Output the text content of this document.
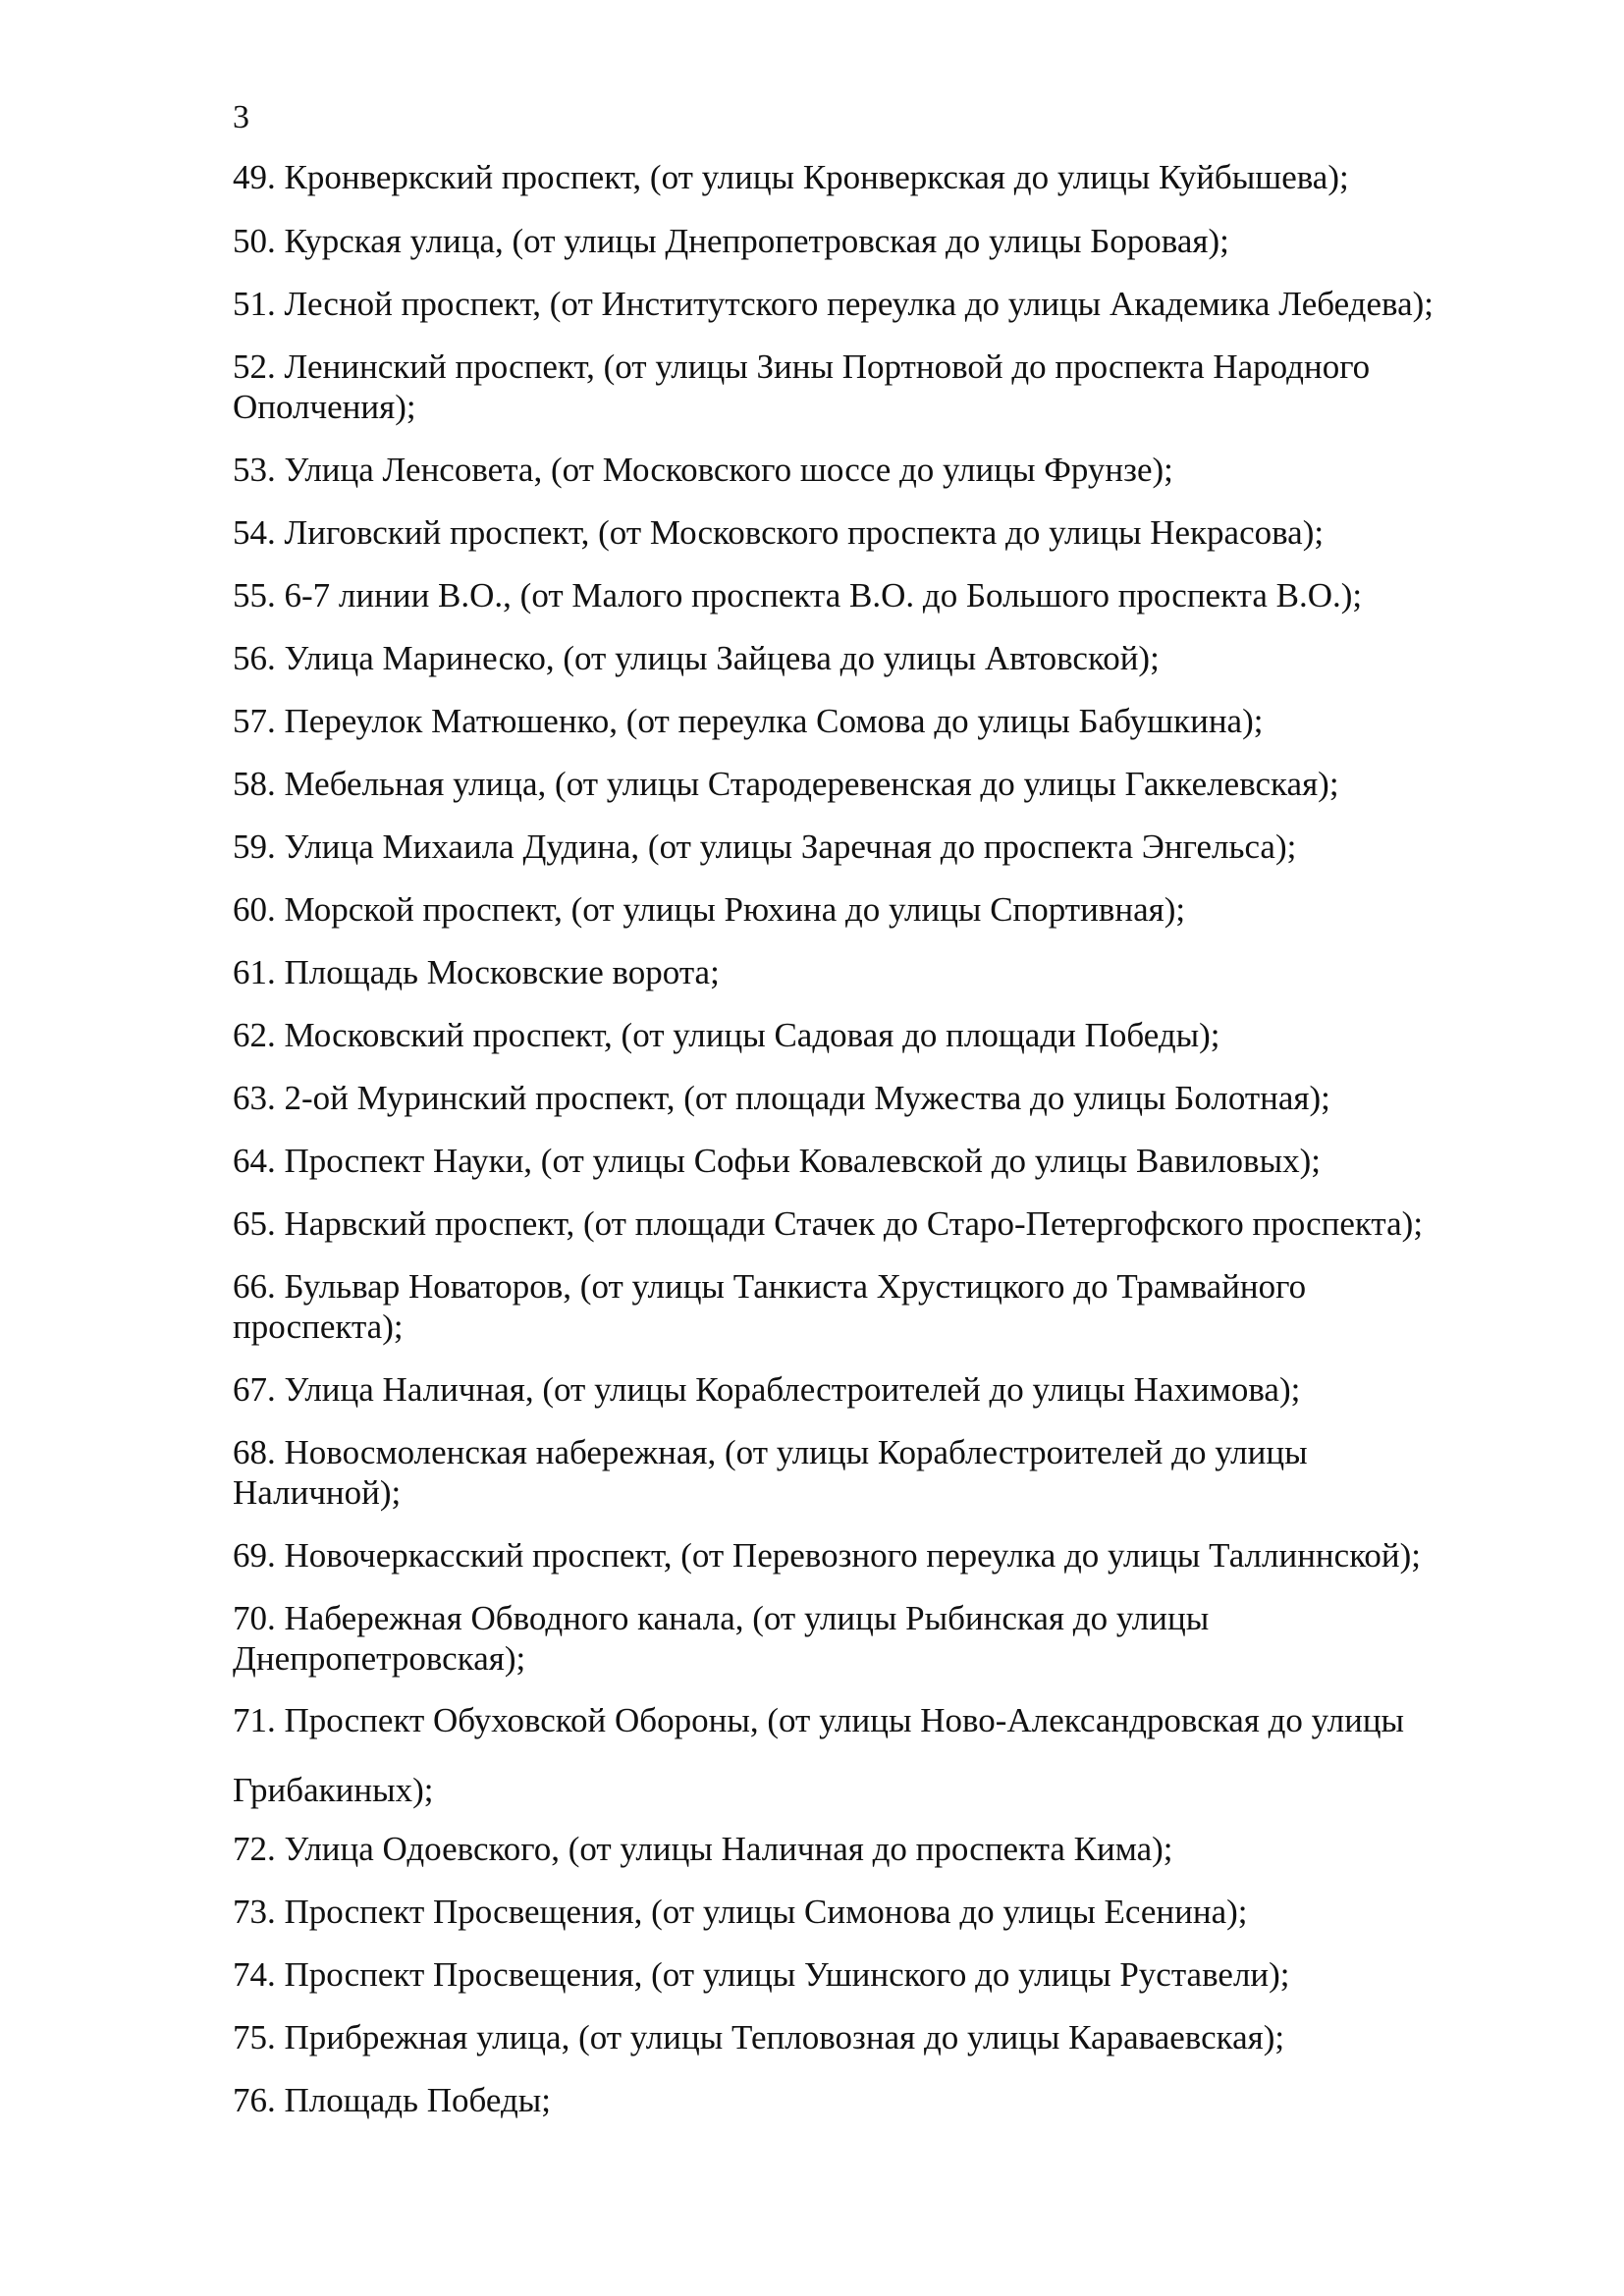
3
49. Кронверкский проспект, (от улицы Кронверкская до улицы Куйбышева);
50. Курская улица, (от улицы Днепропетровская до улицы Боровая);
51. Лесной проспект, (от Институтского переулка до улицы Академика Лебедева);
52. Ленинский проспект, (от улицы Зины Портновой до проспекта Народного
Ополчения);
53. Улица Ленсовета, (от Московского шоссе до улицы Фрунзе);
54. Лиговский проспект, (от Московского проспекта до улицы Некрасова);
55. 6-7 линии В.О., (от Малого проспекта В.О. до Большого проспекта В.О.);
56. Улица Маринеско, (от улицы Зайцева до улицы Автовской);
57. Переулок Матюшенко, (от переулка Сомова до улицы Бабушкина);
58. Мебельная улица, (от улицы Стародеревенская до улицы Гаккелевская);
59. Улица Михаила Дудина, (от улицы Заречная до проспекта Энгельса);
60. Морской проспект, (от улицы Рюхина до улицы Спортивная);
61. Площадь Московские ворота;
62. Московский проспект, (от улицы Садовая до площади Победы);
63. 2-ой Муринский проспект, (от площади Мужества до улицы Болотная);
64. Проспект Науки, (от улицы Софьи Ковалевской до улицы Вавиловых);
65. Нарвский проспект, (от площади Стачек до Старо-Петергофского проспекта);
66. Бульвар Новаторов, (от улицы Танкиста Хрустицкого до Трамвайного
проспекта);
67. Улица Наличная, (от улицы Кораблестроителей до улицы Нахимова);
68. Новосмоленская набережная, (от улицы Кораблестроителей до улицы
Наличной);
69. Новочеркасский проспект, (от Перевозного переулка до улицы Таллиннской);
70. Набережная Обводного канала, (от улицы Рыбинская до улицы
Днепропетровская);
71. Проспект Обуховской Обороны, (от улицы Ново-Александровская до улицы
Грибакиных);
72. Улица Одоевского, (от улицы Наличная до проспекта Кима);
73. Проспект Просвещения, (от улицы Симонова до улицы Есенина);
74. Проспект Просвещения, (от улицы Ушинского до улицы Руставели);
75. Прибрежная улица, (от улицы Тепловозная до улицы Караваевская);
76. Площадь Победы;
